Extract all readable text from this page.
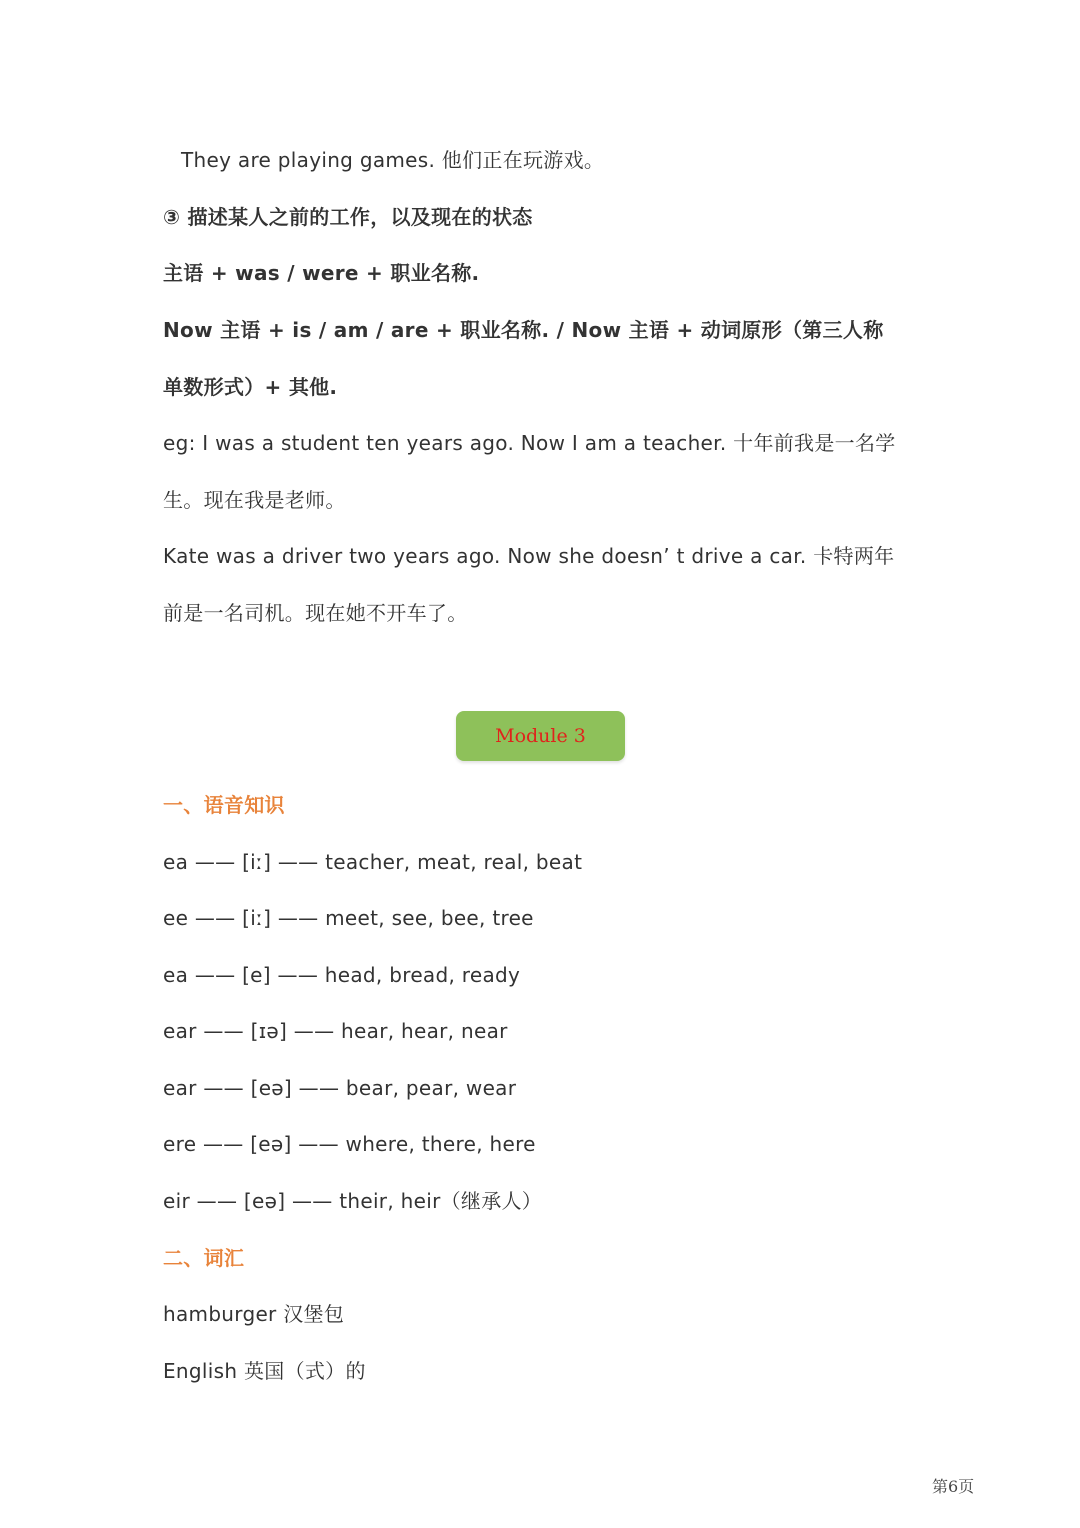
They are playing games. 他们正在玩游戏。
③ 描述某人之前的工作，以及现在的状态
主语 + was / were + 职业名称.
Now 主语 + is / am / are + 职业名称. / Now 主语 + 动词原形（第三人称
单数形式）+ 其他.
eg: I was a student ten years ago. Now I am a teacher. 十年前我是一名学
生。现在我是老师。
Kate was a driver two years ago. Now she doesn’ t drive a car. 卡特两年
前是一名司机。现在她不开车了。
Module 3
一、语音知识
ea —— [iː] —— teacher, meat, real, beat
ee —— [iː] —— meet, see, bee, tree
ea —— [e] —— head, bread, ready
ear —— [ɪə] —— hear, hear, near
ear —— [eə] —— bear, pear, wear
ere —— [eə] —— where, there, here
eir —— [eə] —— their, heir（继承人）
二、词汇
hamburger 汉堡包
English 英国（式）的
第6页
